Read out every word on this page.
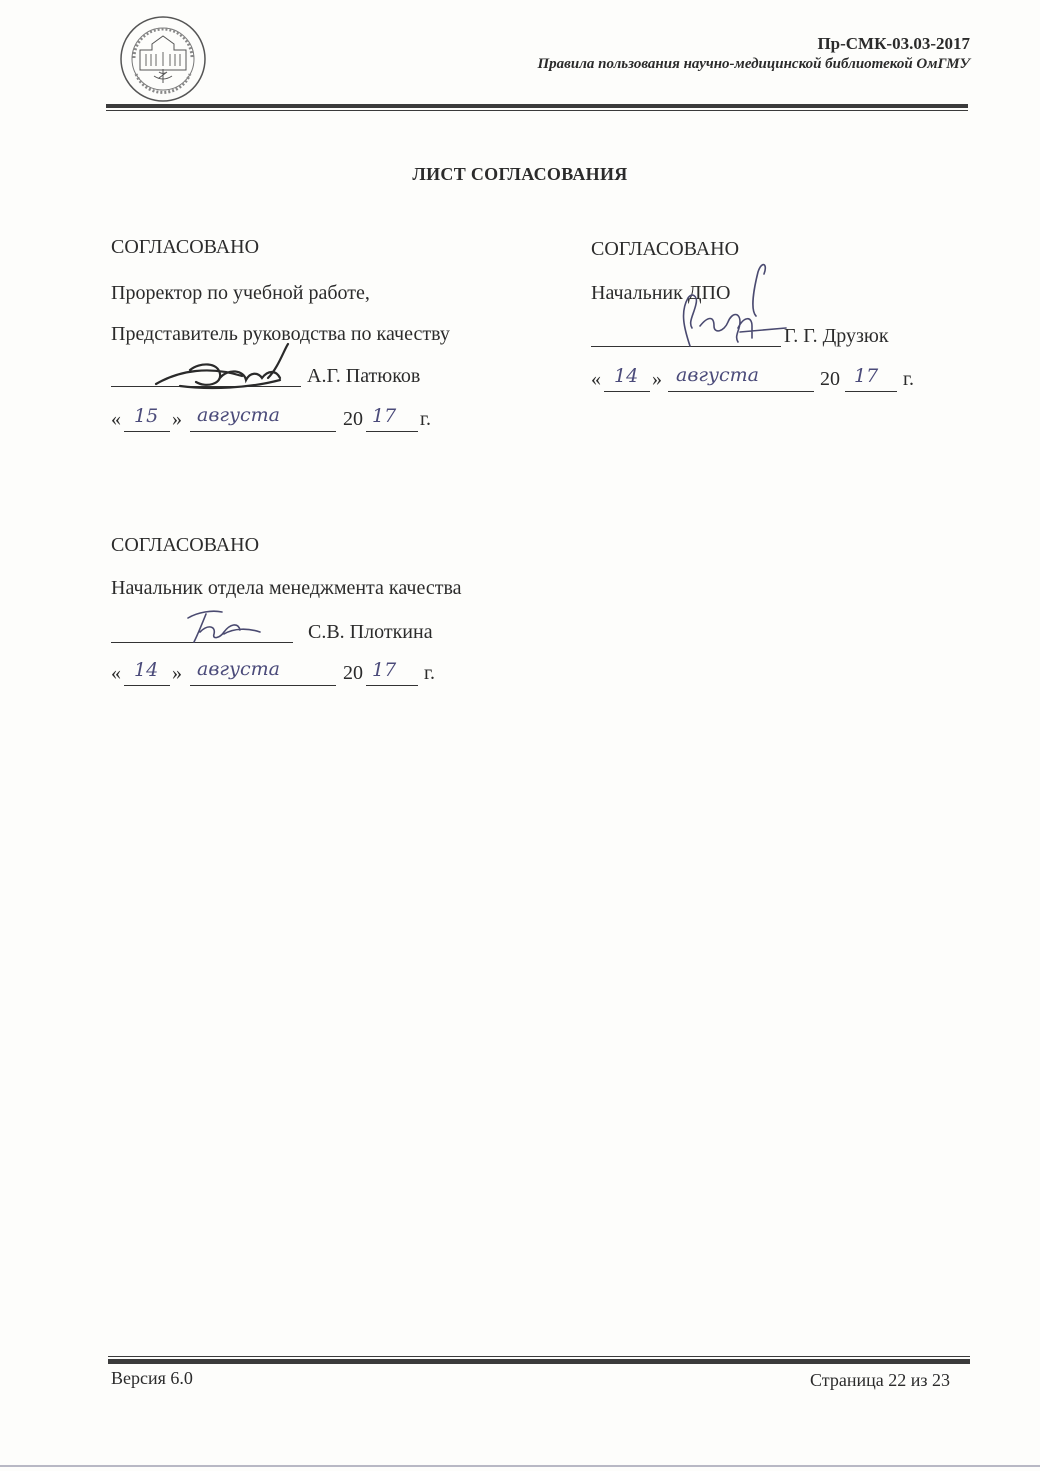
Пр-СМК-03.03-2017
Правила пользования научно-медицинской библиотекой ОмГМУ
ЛИСТ СОГЛАСОВАНИЯ
СОГЛАСОВАНО
Проректор по учебной работе,
Представитель руководства по качеству
А.Г. Патюков
« 15 » августа	20 17 г.
СОГЛАСОВАНО
Начальник ДПО
Г. Г. Друзюк
« 14 » августа	20 17 г.
СОГЛАСОВАНО
Начальник отдела менеджмента качества
С.В. Плоткина
« 14 » августа	20 17 г.
Версия 6.0	Страница 22 из 23
